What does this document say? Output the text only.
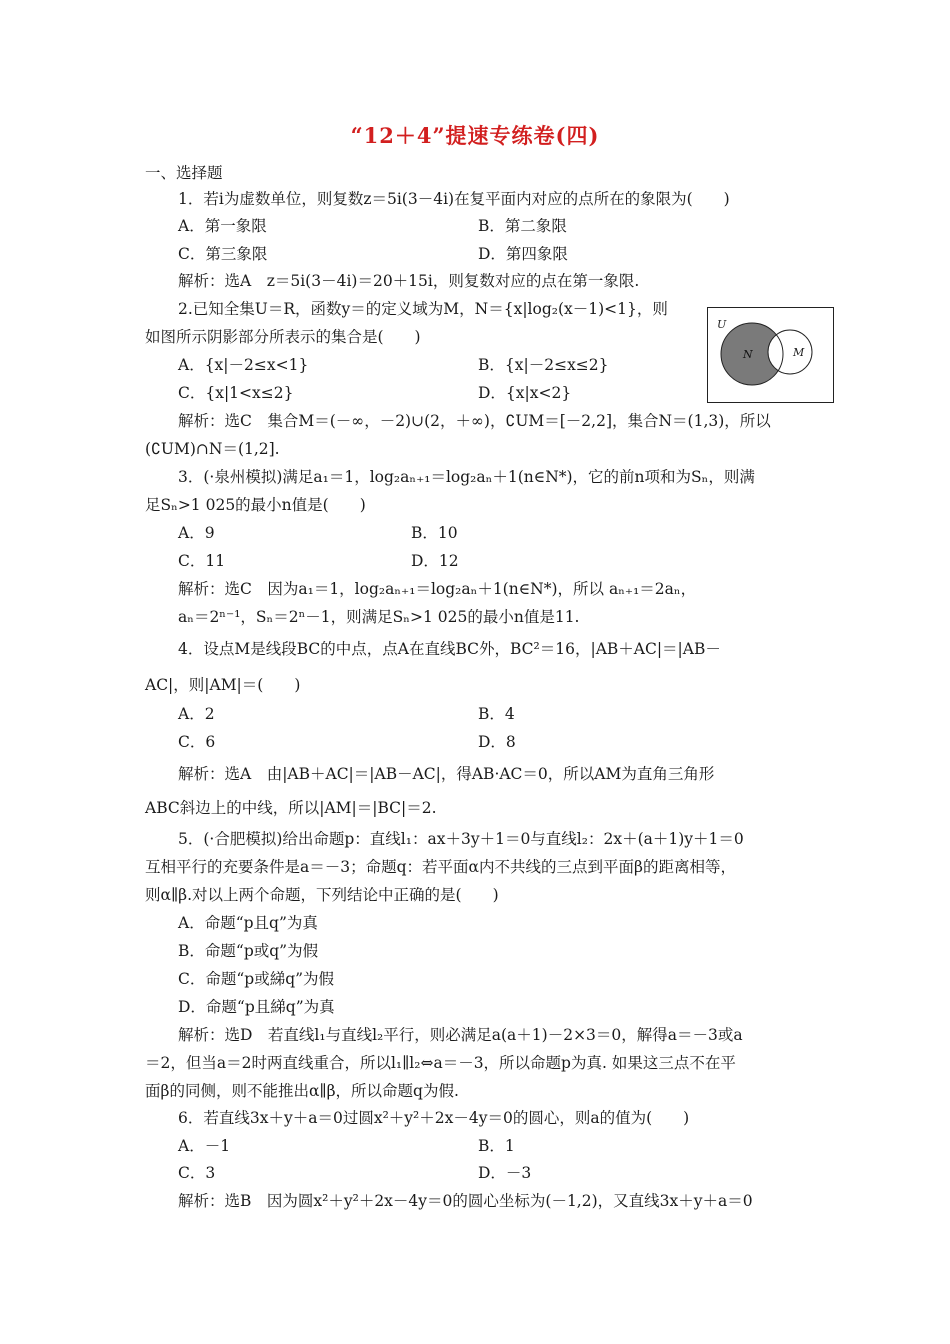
“12＋4”提速专练卷(四)
一、选择题
1．若i为虚数单位，则复数z＝5i(3－4i)在复平面内对应的点所在的象限为(　　)
A．第一象限	B．第二象限
C．第三象限	D．第四象限
解析：选A　z＝5i(3－4i)＝20＋15i，则复数对应的点在第一象限.
2.已知全集U＝R，函数y＝的定义域为M，N＝{x|log₂(x－1)<1}，则
如图所示阴影部分所表示的集合是(　　)
A．{x|－2≤x<1}	B．{x|－2≤x≤2}
C．{x|1<x≤2}	D．{x|x<2}
解析：选C　集合M＝(－∞，－2)∪(2，＋∞)，∁UM＝[－2,2]，集合N＝(1,3)，所以
(∁UM)∩N＝(1,2].
U
N	M
3．(·泉州模拟)满足a₁＝1，log₂aₙ₊₁＝log₂aₙ＋1(n∈N*)，它的前n项和为Sₙ，则满
足Sₙ>1 025的最小n值是(　　)
A．9	B．10
C．11	D．12
解析：选C　因为a₁＝1，log₂aₙ₊₁＝log₂aₙ＋1(n∈N*)，所以 aₙ₊₁＝2aₙ，
aₙ＝2ⁿ⁻¹，Sₙ＝2ⁿ－1，则满足Sₙ>1 025的最小n值是11.
4．设点M是线段BC的中点，点A在直线BC外，BC²＝16，|AB＋AC|＝|AB－
AC|，则|AM|＝(　　)
A．2	B．4
C．6	D．8
解析：选A　由|AB＋AC|＝|AB－AC|，得AB·AC＝0，所以AM为直角三角形
ABC斜边上的中线，所以|AM|＝|BC|＝2.
5．(·合肥模拟)给出命题p：直线l₁：ax＋3y＋1＝0与直线l₂：2x＋(a＋1)y＋1＝0
互相平行的充要条件是a＝－3；命题q：若平面α内不共线的三点到平面β的距离相等，
则α∥β.对以上两个命题，下列结论中正确的是(　　)
A．命题“p且q”为真
B．命题“p或q”为假
C．命题“p或綈q”为假
D．命题“p且綈q”为真
解析：选D　若直线l₁与直线l₂平行，则必满足a(a＋1)－2×3＝0，解得a＝－3或a
＝2，但当a＝2时两直线重合，所以l₁∥l₂⇔a＝－3，所以命题p为真. 如果这三点不在平
面β的同侧，则不能推出α∥β，所以命题q为假.
6．若直线3x＋y＋a＝0过圆x²＋y²＋2x－4y＝0的圆心，则a的值为(　　)
A．－1	B．1
C．3	D．－3
解析：选B　因为圆x²＋y²＋2x－4y＝0的圆心坐标为(－1,2)，又直线3x＋y＋a＝0
